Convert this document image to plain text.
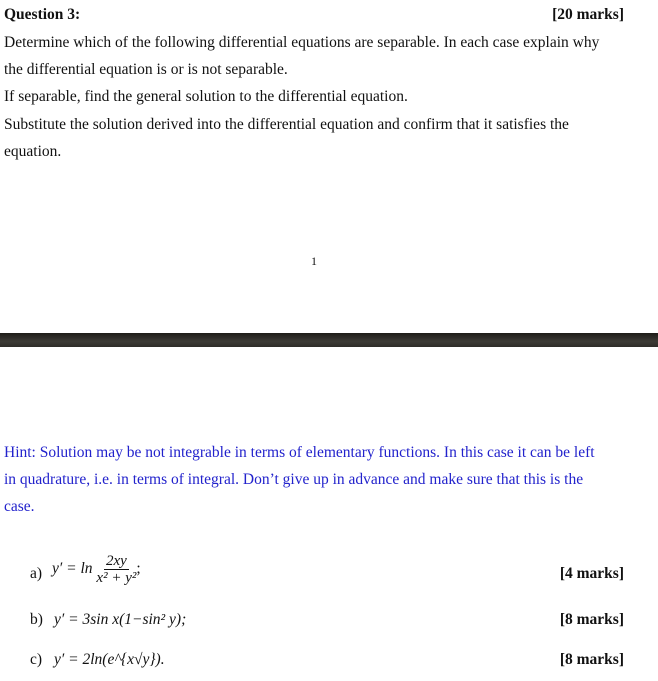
Question 3:	[20 marks]
Determine which of the following differential equations are separable. In each case explain why
the differential equation is or is not separable.
If separable, find the general solution to the differential equation.
Substitute the solution derived into the differential equation and confirm that it satisfies the
equation.
1
Hint: Solution may be not integrable in terms of elementary functions. In this case it can be left
in quadrature, i.e. in terms of integral. Don’t give up in advance and make sure that this is the
case.
a) $y' = \ln \frac{2xy}{\text{x² + y²}}$ ;	[4 marks]
b) y′ = 3sin x(1−sin² y);	[8 marks]
c) y′ = 2ln(e^{x√y}).	[8 marks]
